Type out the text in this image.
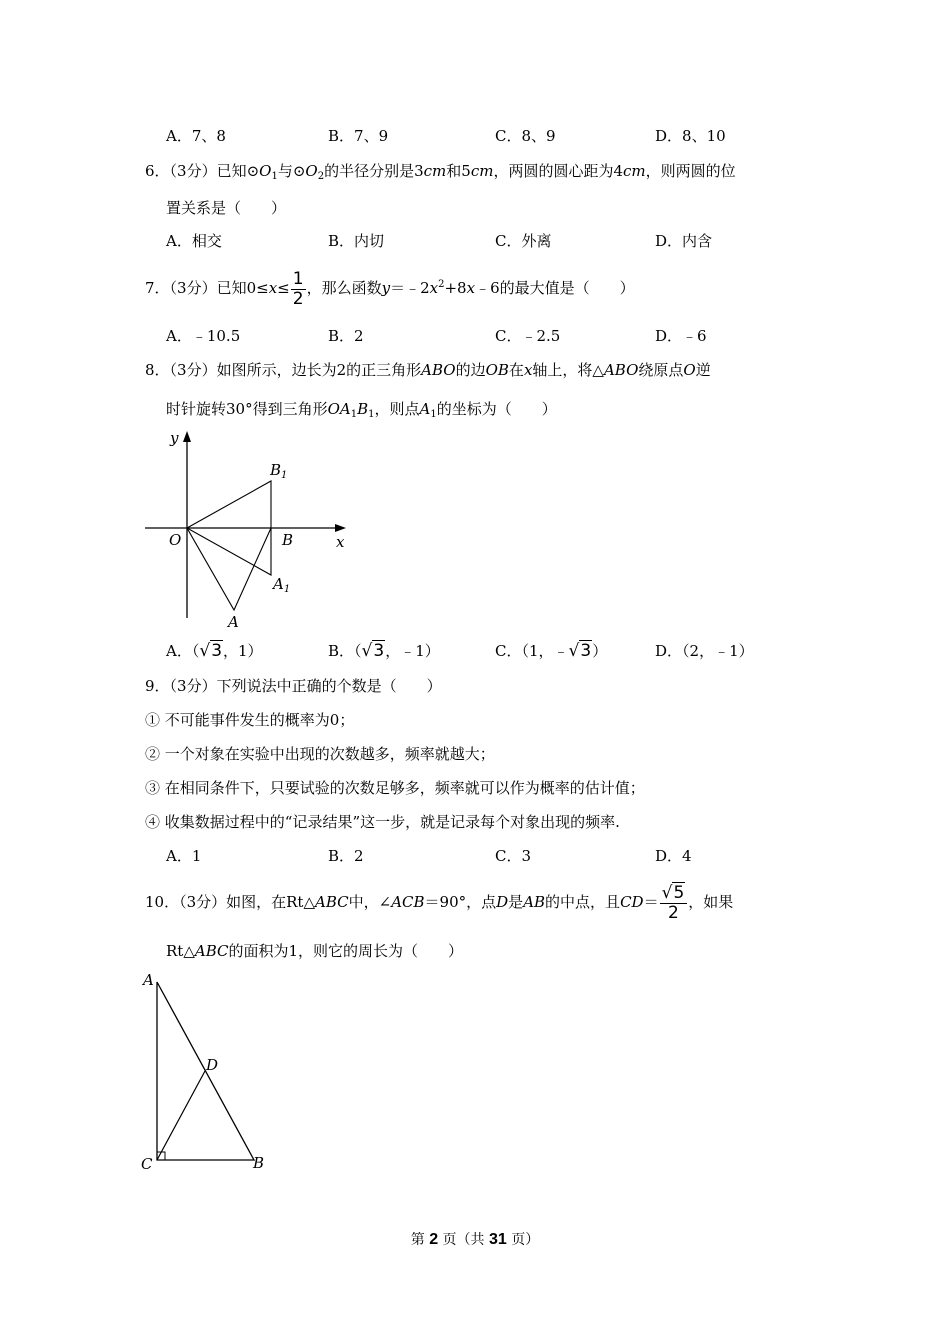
A．7、8	B．7、9	C．8、9	D．8、10
6．（3分）已知$⊙O_1$与$⊙O_2$的半径分别是3cm和5cm，两圆的圆心距为4cm，则两圆的位
置关系是（　　）
A．相交	B．内切	C．外离	D．内含
7．（3分）已知$0\le x\le \frac{1}{2}$ ，那么函数$y=﹣2x^2+8x﹣6$的最大值是（　　）
A．﹣10.5	B．2	C．﹣2.5	D．﹣6
8．（3分）如图所示，边长为2的正三角形ABO的边OB在x轴上，将△ABO绕原点O逆
时针旋转30°得到三角形$OA_1B_1$，则点$A_1$的坐标为（　　）
y
x
O	B
A
$B_1$
$A_1$
A．（√3，1）	B．（√3，﹣1）	C．（1，﹣√3）	D．（2，﹣1）
9．（3分）下列说法中正确的个数是（　　）
① 不可能事件发生的概率为0；
② 一个对象在实验中出现的次数越多，频率就越大；
③ 在相同条件下，只要试验的次数足够多，频率就可以作为概率的估计值；
④ 收集数据过程中的“记录结果”这一步，就是记录每个对象出现的频率.
A．1	B．2	C．3	D．4
10．（3分）如图，在Rt△ABC中，∠ACB＝90°，点D是AB的中点，且$CD= \frac{√5}{2}$ ，如果
Rt△ABC的面积为1，则它的周长为（　　）
A
D
C	B
第 2 页（共 31 页）
